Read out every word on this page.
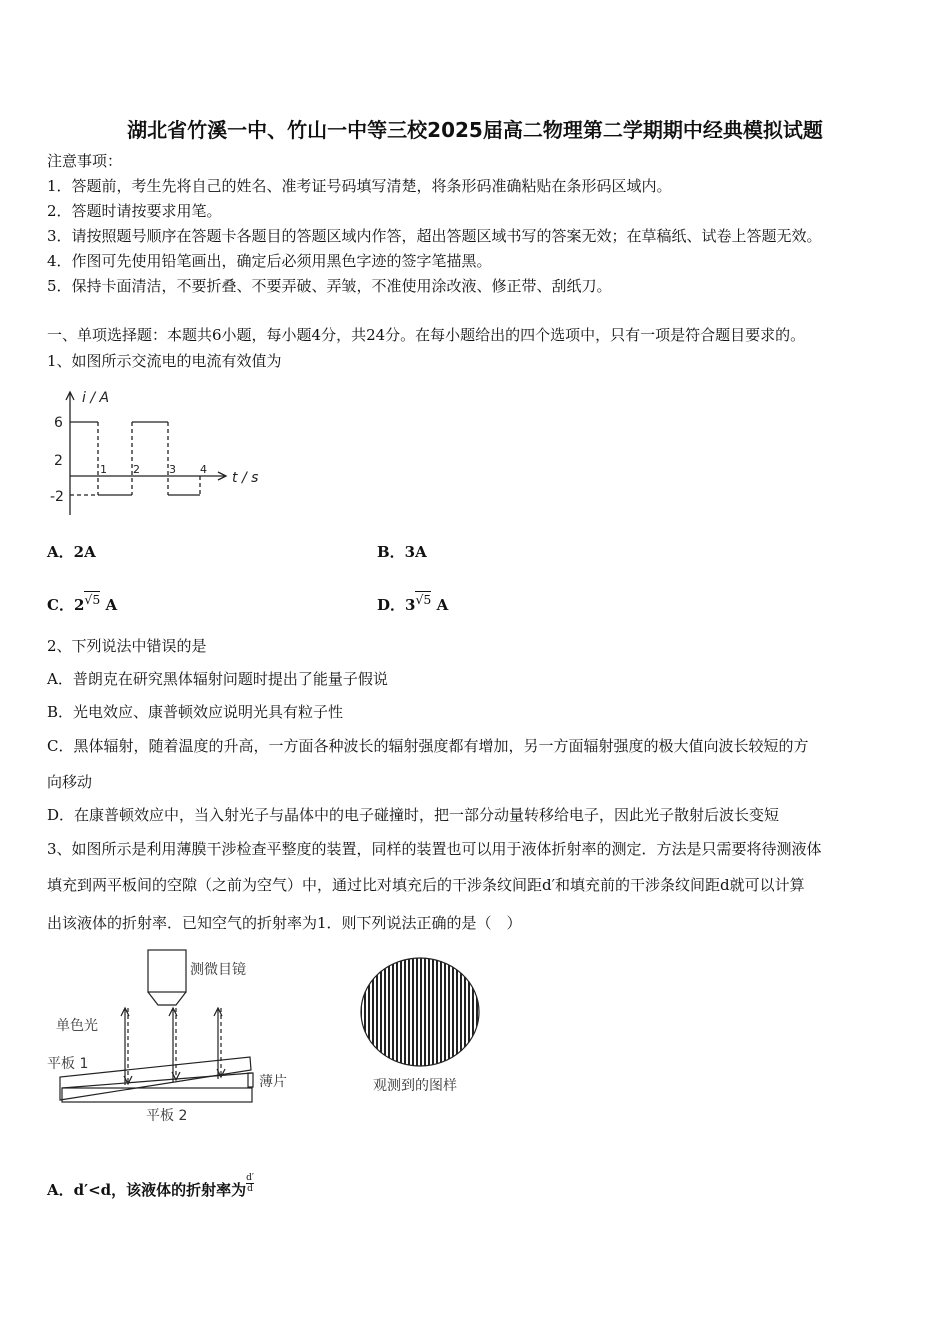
湖北省竹溪一中、竹山一中等三校2025届高二物理第二学期期中经典模拟试题
注意事项：
1．答题前，考生先将自己的姓名、准考证号码填写清楚，将条形码准确粘贴在条形码区域内。
2．答题时请按要求用笔。
3．请按照题号顺序在答题卡各题目的答题区域内作答，超出答题区域书写的答案无效；在草稿纸、试卷上答题无效。
4．作图可先使用铅笔画出，确定后必须用黑色字迹的签字笔描黑。
5．保持卡面清洁，不要折叠、不要弄破、弄皱，不准使用涂改液、修正带、刮纸刀。
一、单项选择题：本题共6小题，每小题4分，共24分。在每小题给出的四个选项中，只有一项是符合题目要求的。
1、如图所示交流电的电流有效值为
i / A
t / s
6
2
-2
1 2	3 4
A．2A	B．3A
C．$2^{√5}$ A	D．$3^{√5}$ A
2、下列说法中错误的是
A．普朗克在研究黑体辐射问题时提出了能量子假说
B．光电效应、康普顿效应说明光具有粒子性
C．黑体辐射，随着温度的升高，一方面各种波长的辐射强度都有增加，另一方面辐射强度的极大值向波长较短的方
向移动
D．在康普顿效应中，当入射光子与晶体中的电子碰撞时，把一部分动量转移给电子，因此光子散射后波长变短
3、如图所示是利用薄膜干涉检查平整度的装置，同样的装置也可以用于液体折射率的测定．方法是只需要将待测液体
填充到两平板间的空隙（之前为空气）中，通过比对填充后的干涉条纹间距d′和填充前的干涉条纹间距d就可以计算
出该液体的折射率．已知空气的折射率为1．则下列说法正确的是（　）
测微目镜
单色光
平板 1
薄片
平板 2
观测到的图样
A．d′<d，该液体的折射率为 $\frac{d'}{d}$
